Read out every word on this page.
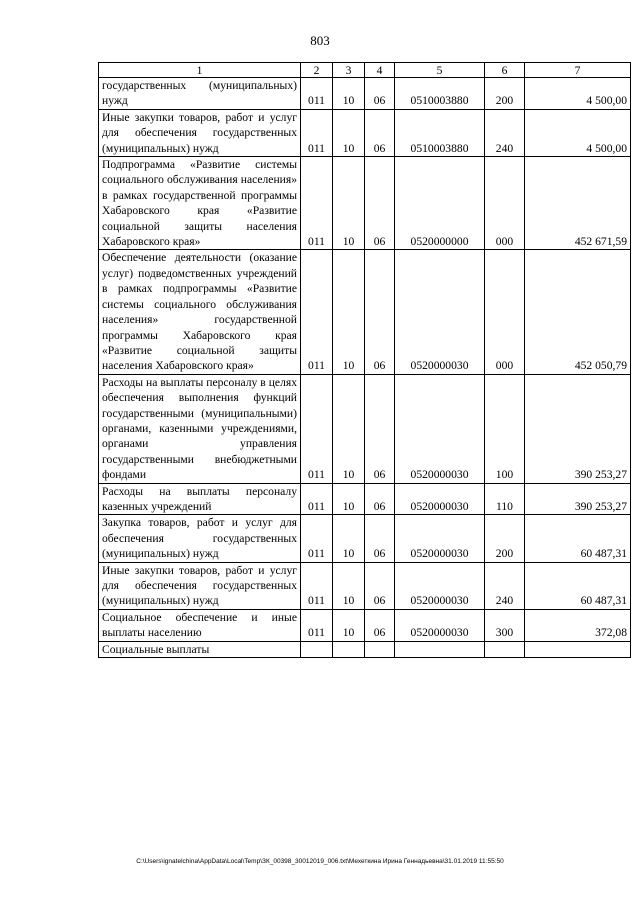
803
1	2	3	4	5	6	7
государственных (муниципальных) нужд	011	10	06	0510003880	200	4 500,00
Иные закупки товаров, работ и услуг для обеспечения государственных (муниципальных) нужд	011	10	06	0510003880	240	4 500,00
Подпрограмма «Развитие системы социального обслуживания населения» в рамках государственной программы Хабаровского края «Развитие социальной защиты населения Хабаровского края»	011	10	06	0520000000	000	452 671,59
Обеспечение деятельности (оказание услуг) подведомственных учреждений в рамках подпрограммы «Развитие системы социального обслуживания населения» государственной программы Хабаровского края «Развитие социальной защиты населения Хабаровского края»	011	10	06	0520000030	000	452 050,79
Расходы на выплаты персоналу в целях обеспечения выполнения функций государственными (муниципальными) органами, казенными учреждениями, органами управления государственными внебюджетными фондами	011	10	06	0520000030	100	390 253,27
Расходы на выплаты персоналу казенных учреждений	011	10	06	0520000030	110	390 253,27
Закупка товаров, работ и услуг для обеспечения государственных (муниципальных) нужд	011	10	06	0520000030	200	60 487,31
Иные закупки товаров, работ и услуг для обеспечения государственных (муниципальных) нужд	011	10	06	0520000030	240	60 487,31
Социальное обеспечение и иные выплаты населению	011	10	06	0520000030	300	372,08
Социальные выплаты						
C:\Users\ignatelchina\AppData\Local\Temp\ЗК_00398_30012019_006.txt\Мехеткина Ирина Геннадьевна\31.01.2019 11:55:50
